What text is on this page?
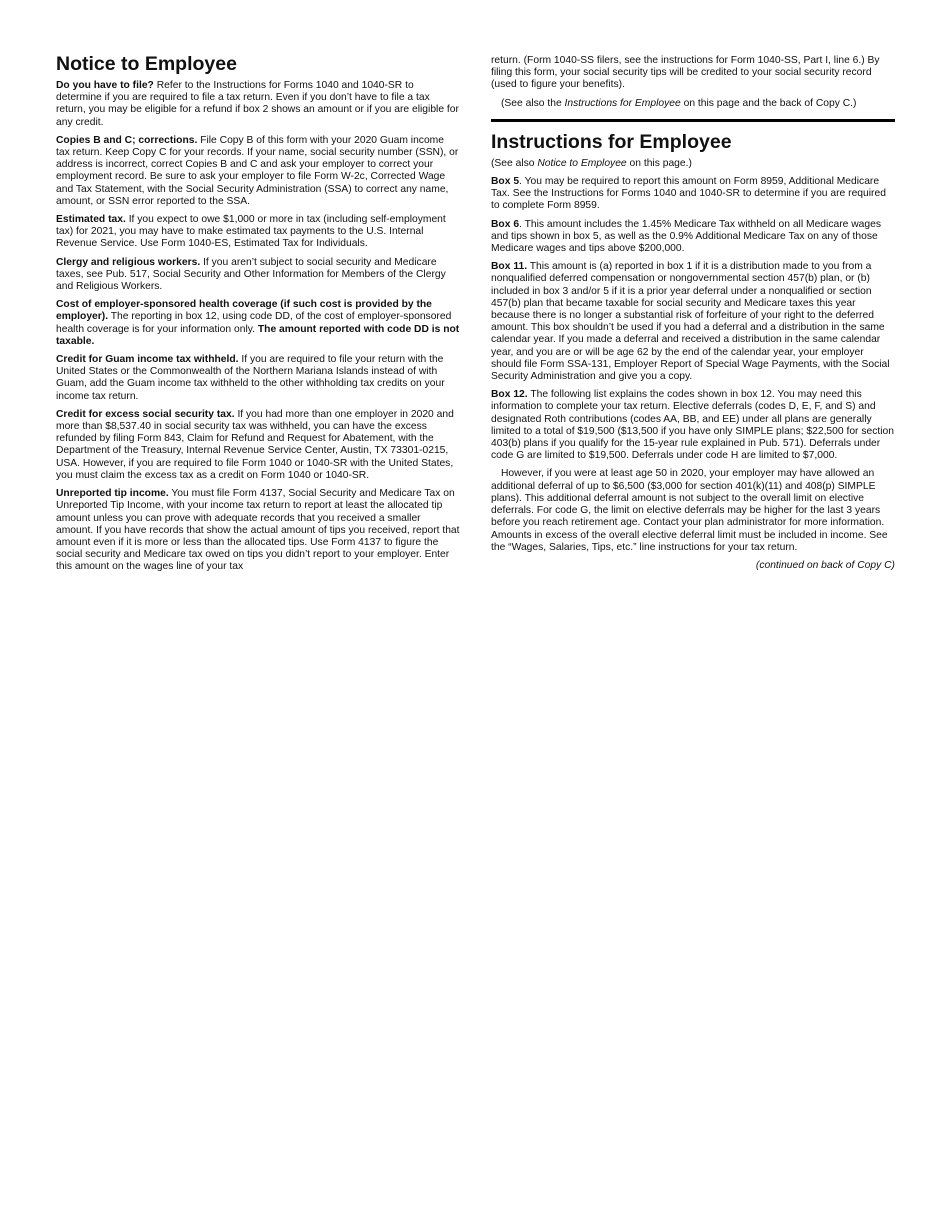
Notice to Employee

Do you have to file? Refer to the Instructions for Forms 1040 and 1040-SR to determine if you are required to file a tax return. Even if you don’t have to file a tax return, you may be eligible for a refund if box 2 shows an amount or if you are eligible for any credit.

Copies B and C; corrections. File Copy B of this form with your 2020 Guam income tax return. Keep Copy C for your records. If your name, social security number (SSN), or address is incorrect, correct Copies B and C and ask your employer to correct your employment record. Be sure to ask your employer to file Form W-2c, Corrected Wage and Tax Statement, with the Social Security Administration (SSA) to correct any name, amount, or SSN error reported to the SSA.

Estimated tax. If you expect to owe $1,000 or more in tax (including self-employment tax) for 2021, you may have to make estimated tax payments to the U.S. Internal Revenue Service. Use Form 1040-ES, Estimated Tax for Individuals.

Clergy and religious workers. If you aren’t subject to social security and Medicare taxes, see Pub. 517, Social Security and Other Information for Members of the Clergy and Religious Workers.

Cost of employer-sponsored health coverage (if such cost is provided by the employer). The reporting in box 12, using code DD, of the cost of employer-sponsored health coverage is for your information only. The amount reported with code DD is not taxable.

Credit for Guam income tax withheld. If you are required to file your return with the United States or the Commonwealth of the Northern Mariana Islands instead of with Guam, add the Guam income tax withheld to the other withholding tax credits on your income tax return.

Credit for excess social security tax. If you had more than one employer in 2020 and more than $8,537.40 in social security tax was withheld, you can have the excess refunded by filing Form 843, Claim for Refund and Request for Abatement, with the Department of the Treasury, Internal Revenue Service Center, Austin, TX 73301-0215, USA. However, if you are required to file Form 1040 or 1040-SR with the United States, you must claim the excess tax as a credit on Form 1040 or 1040-SR.

Unreported tip income. You must file Form 4137, Social Security and Medicare Tax on Unreported Tip Income, with your income tax return to report at least the allocated tip amount unless you can prove with adequate records that you received a smaller amount. If you have records that show the actual amount of tips you received, report that amount even if it is more or less than the allocated tips. Use Form 4137 to figure the social security and Medicare tax owed on tips you didn’t report to your employer. Enter this amount on the wages line of your tax

return. (Form 1040-SS filers, see the instructions for Form 1040-SS, Part I, line 6.) By filing this form, your social security tips will be credited to your social security record (used to figure your benefits).

(See also the Instructions for Employee on this page and the back of Copy C.)

Instructions for Employee

(See also Notice to Employee on this page.)

Box 5. You may be required to report this amount on Form 8959, Additional Medicare Tax. See the Instructions for Forms 1040 and 1040-SR to determine if you are required to complete Form 8959.

Box 6. This amount includes the 1.45% Medicare Tax withheld on all Medicare wages and tips shown in box 5, as well as the 0.9% Additional Medicare Tax on any of those Medicare wages and tips above $200,000.

Box 11. This amount is (a) reported in box 1 if it is a distribution made to you from a nonqualified deferred compensation or nongovernmental section 457(b) plan, or (b) included in box 3 and/or 5 if it is a prior year deferral under a nonqualified or section 457(b) plan that became taxable for social security and Medicare taxes this year because there is no longer a substantial risk of forfeiture of your right to the deferred amount. This box shouldn’t be used if you had a deferral and a distribution in the same calendar year. If you made a deferral and received a distribution in the same calendar year, and you are or will be age 62 by the end of the calendar year, your employer should file Form SSA-131, Employer Report of Special Wage Payments, with the Social Security Administration and give you a copy.

Box 12. The following list explains the codes shown in box 12. You may need this information to complete your tax return. Elective deferrals (codes D, E, F, and S) and designated Roth contributions (codes AA, BB, and EE) under all plans are generally limited to a total of $19,500 ($13,500 if you have only SIMPLE plans; $22,500 for section 403(b) plans if you qualify for the 15-year rule explained in Pub. 571). Deferrals under code G are limited to $19,500. Deferrals under code H are limited to $7,000.

However, if you were at least age 50 in 2020, your employer may have allowed an additional deferral of up to $6,500 ($3,000 for section 401(k)(11) and 408(p) SIMPLE plans). This additional deferral amount is not subject to the overall limit on elective deferrals. For code G, the limit on elective deferrals may be higher for the last 3 years before you reach retirement age. Contact your plan administrator for more information. Amounts in excess of the overall elective deferral limit must be included in income. See the “Wages, Salaries, Tips, etc.” line instructions for your tax return.

(continued on back of Copy C)
